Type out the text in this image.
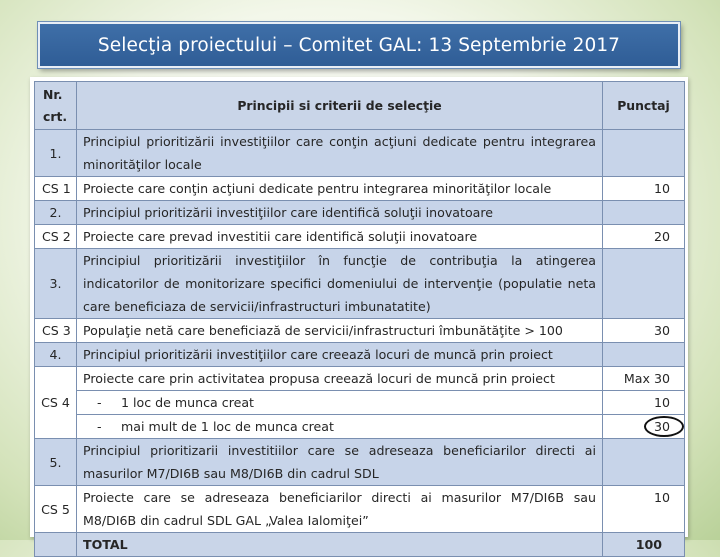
Selecţia proiectului – Comitet GAL: 13 Septembrie 2017
Nr.
crt.	Principii si criterii de selecţie	Punctaj
1.	Principiul prioritizării investiţiilor care conţin acţiuni dedicate pentru integrarea minorităţilor locale	
CS 1	Proiecte care conţin acţiuni dedicate pentru integrarea minorităţilor locale	10
2.	Principiul prioritizării investiţiilor care identifică soluţii inovatoare	
CS 2	Proiecte care prevad investitii care identifică soluţii inovatoare	20
3.	Principiul prioritizării investiţiilor în funcţie de contribuţia la atingerea indicatorilor de monitorizare specifici domeniului de intervenţie (populatie neta care beneficiaza de servicii/infrastructuri imbunatatite)	
CS 3	Populaţie netă care beneficiază de servicii/infrastructuri îmbunătăţite > 100	30
4.	Principiul prioritizării investiţiilor care creează locuri de muncă prin proiect	
CS 4	Proiecte care prin activitatea propusa creează locuri de muncă prin proiect	Max 30
	- 1 loc de munca creat	10
	- mai mult de 1 loc de munca creat	30
5.	Principiul prioritizarii investitiilor care se adreseaza beneficiarilor directi ai masurilor M7/DI6B sau M8/DI6B din cadrul SDL	
CS 5	Proiecte care se adreseaza beneficiarilor directi ai masurilor M7/DI6B sau M8/DI6B din cadrul SDL GAL „Valea Ialomiţei”	10
	TOTAL	100
